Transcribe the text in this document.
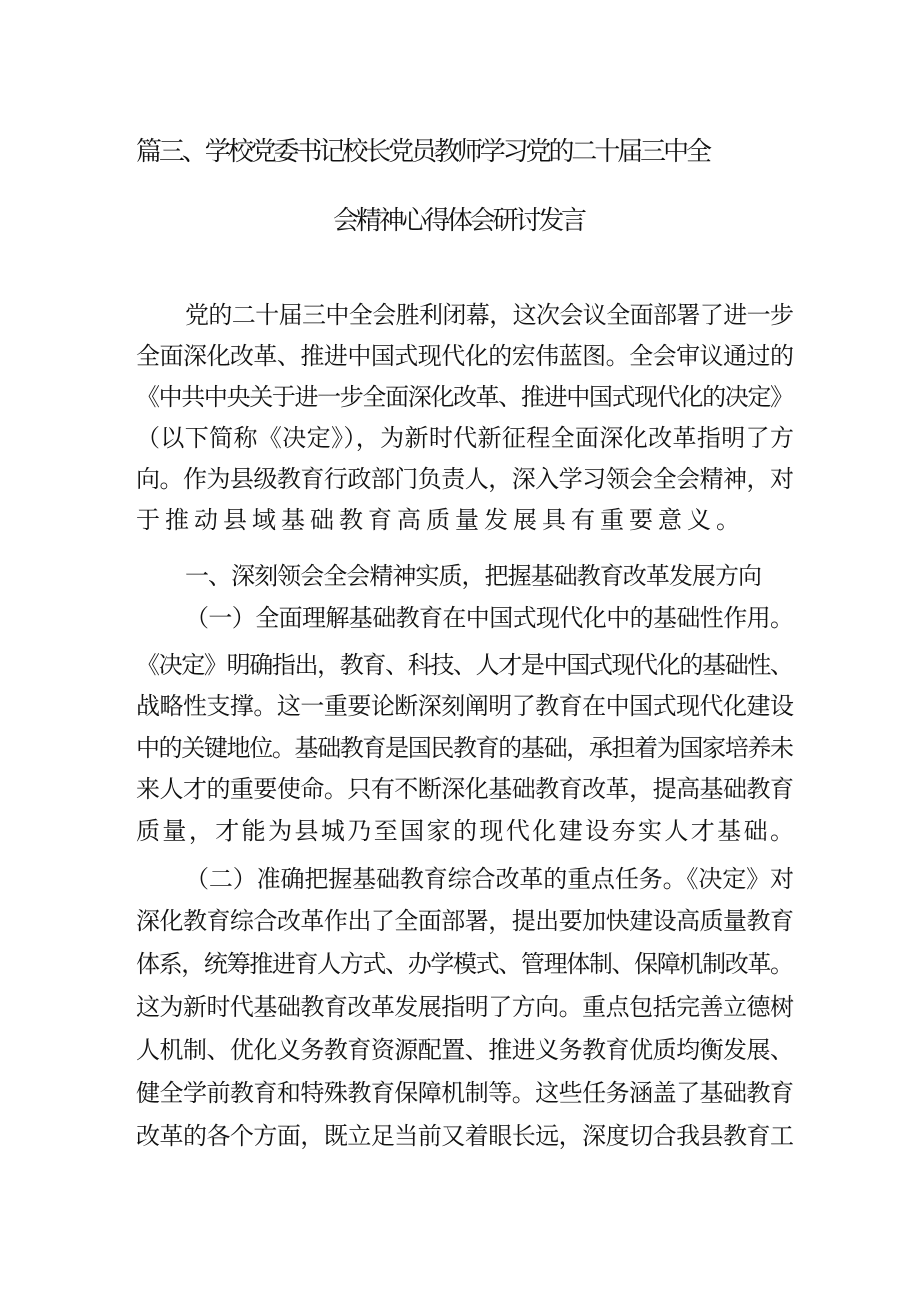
篇三、学校党委书记校长党员教师学习党的二十届三中全
会精神心得体会研讨发言
党的二十届三中全会胜利闭幕，这次会议全面部署了进一步
全面深化改革、推进中国式现代化的宏伟蓝图。全会审议通过的
《中共中央关于进一步全面深化改革、推进中国式现代化的决定》
（以下简称《决定》），为新时代新征程全面深化改革指明了方
向。作为县级教育行政部门负责人，深入学习领会全会精神，对
于推动县域基础教育高质量发展具有重要意义。
一、深刻领会全会精神实质，把握基础教育改革发展方向
（一）全面理解基础教育在中国式现代化中的基础性作用。
《决定》明确指出，教育、科技、人才是中国式现代化的基础性、
战略性支撑。这一重要论断深刻阐明了教育在中国式现代化建设
中的关键地位。基础教育是国民教育的基础，承担着为国家培养未
来人才的重要使命。只有不断深化基础教育改革，提高基础教育
质量，才能为县城乃至国家的现代化建设夯实人才基础。
（二）准确把握基础教育综合改革的重点任务。《决定》对
深化教育综合改革作出了全面部署，提出要加快建设高质量教育
体系，统筹推进育人方式、办学模式、管理体制、保障机制改革。
这为新时代基础教育改革发展指明了方向。重点包括完善立德树
人机制、优化义务教育资源配置、推进义务教育优质均衡发展、
健全学前教育和特殊教育保障机制等。这些任务涵盖了基础教育
改革的各个方面，既立足当前又着眼长远，深度切合我县教育工
